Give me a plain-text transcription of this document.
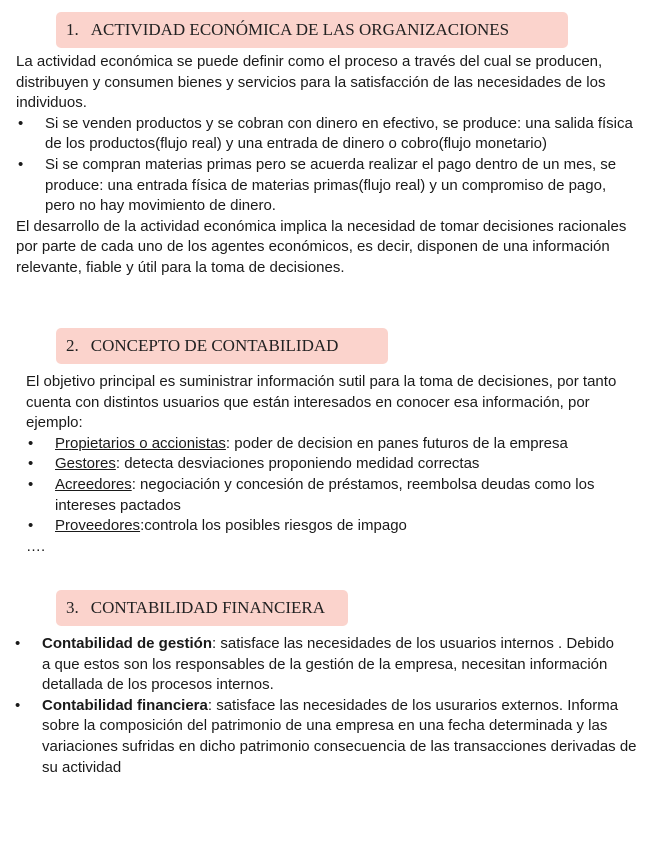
1. ACTIVIDAD ECONÓMICA DE LAS ORGANIZACIONES

La actividad económica se puede definir como el proceso a través del cual se producen, distribuyen y consumen bienes y servicios para la satisfacción de las necesidades de los individuos.

• Si se venden productos y se cobran con dinero en efectivo, se produce: una salida física de los productos(flujo real) y una entrada de dinero o cobro(flujo monetario)
• Si se compran materias primas pero se acuerda realizar el pago dentro de un mes, se produce: una entrada física de materias primas(flujo real) y un compromiso de pago, pero no hay movimiento de dinero.

El desarrollo de la actividad económica implica la necesidad de tomar decisiones racionales por parte de cada uno de los agentes económicos, es decir, disponen de una información relevante, fiable y útil para la toma de decisiones.

2. CONCEPTO DE CONTABILIDAD

El objetivo principal es suministrar información sutil para la toma de decisiones, por tanto cuenta con distintos usuarios que están interesados en conocer esa información, por ejemplo:

• Propietarios o accionistas: poder de decision en panes futuros de la empresa
• Gestores: detecta desviaciones proponiendo medidad correctas
• Acreedores: negociación y concesión de préstamos, reembolsa deudas como los intereses pactados
• Proveedores:controla los posibles riesgos de impago

….

3. CONTABILIDAD FINANCIERA
• Contabilidad de gestión: satisface las necesidades de los usuarios internos . Debido a que estos son los responsables de la gestión de la empresa, necesitan información detallada de los procesos internos.
• Contabilidad financiera: satisface las necesidades de los usurarios externos. Informa sobre la composición del patrimonio de una empresa en una fecha determinada y las variaciones sufridas en dicho patrimonio consecuencia de las transacciones derivadas de su actividad
